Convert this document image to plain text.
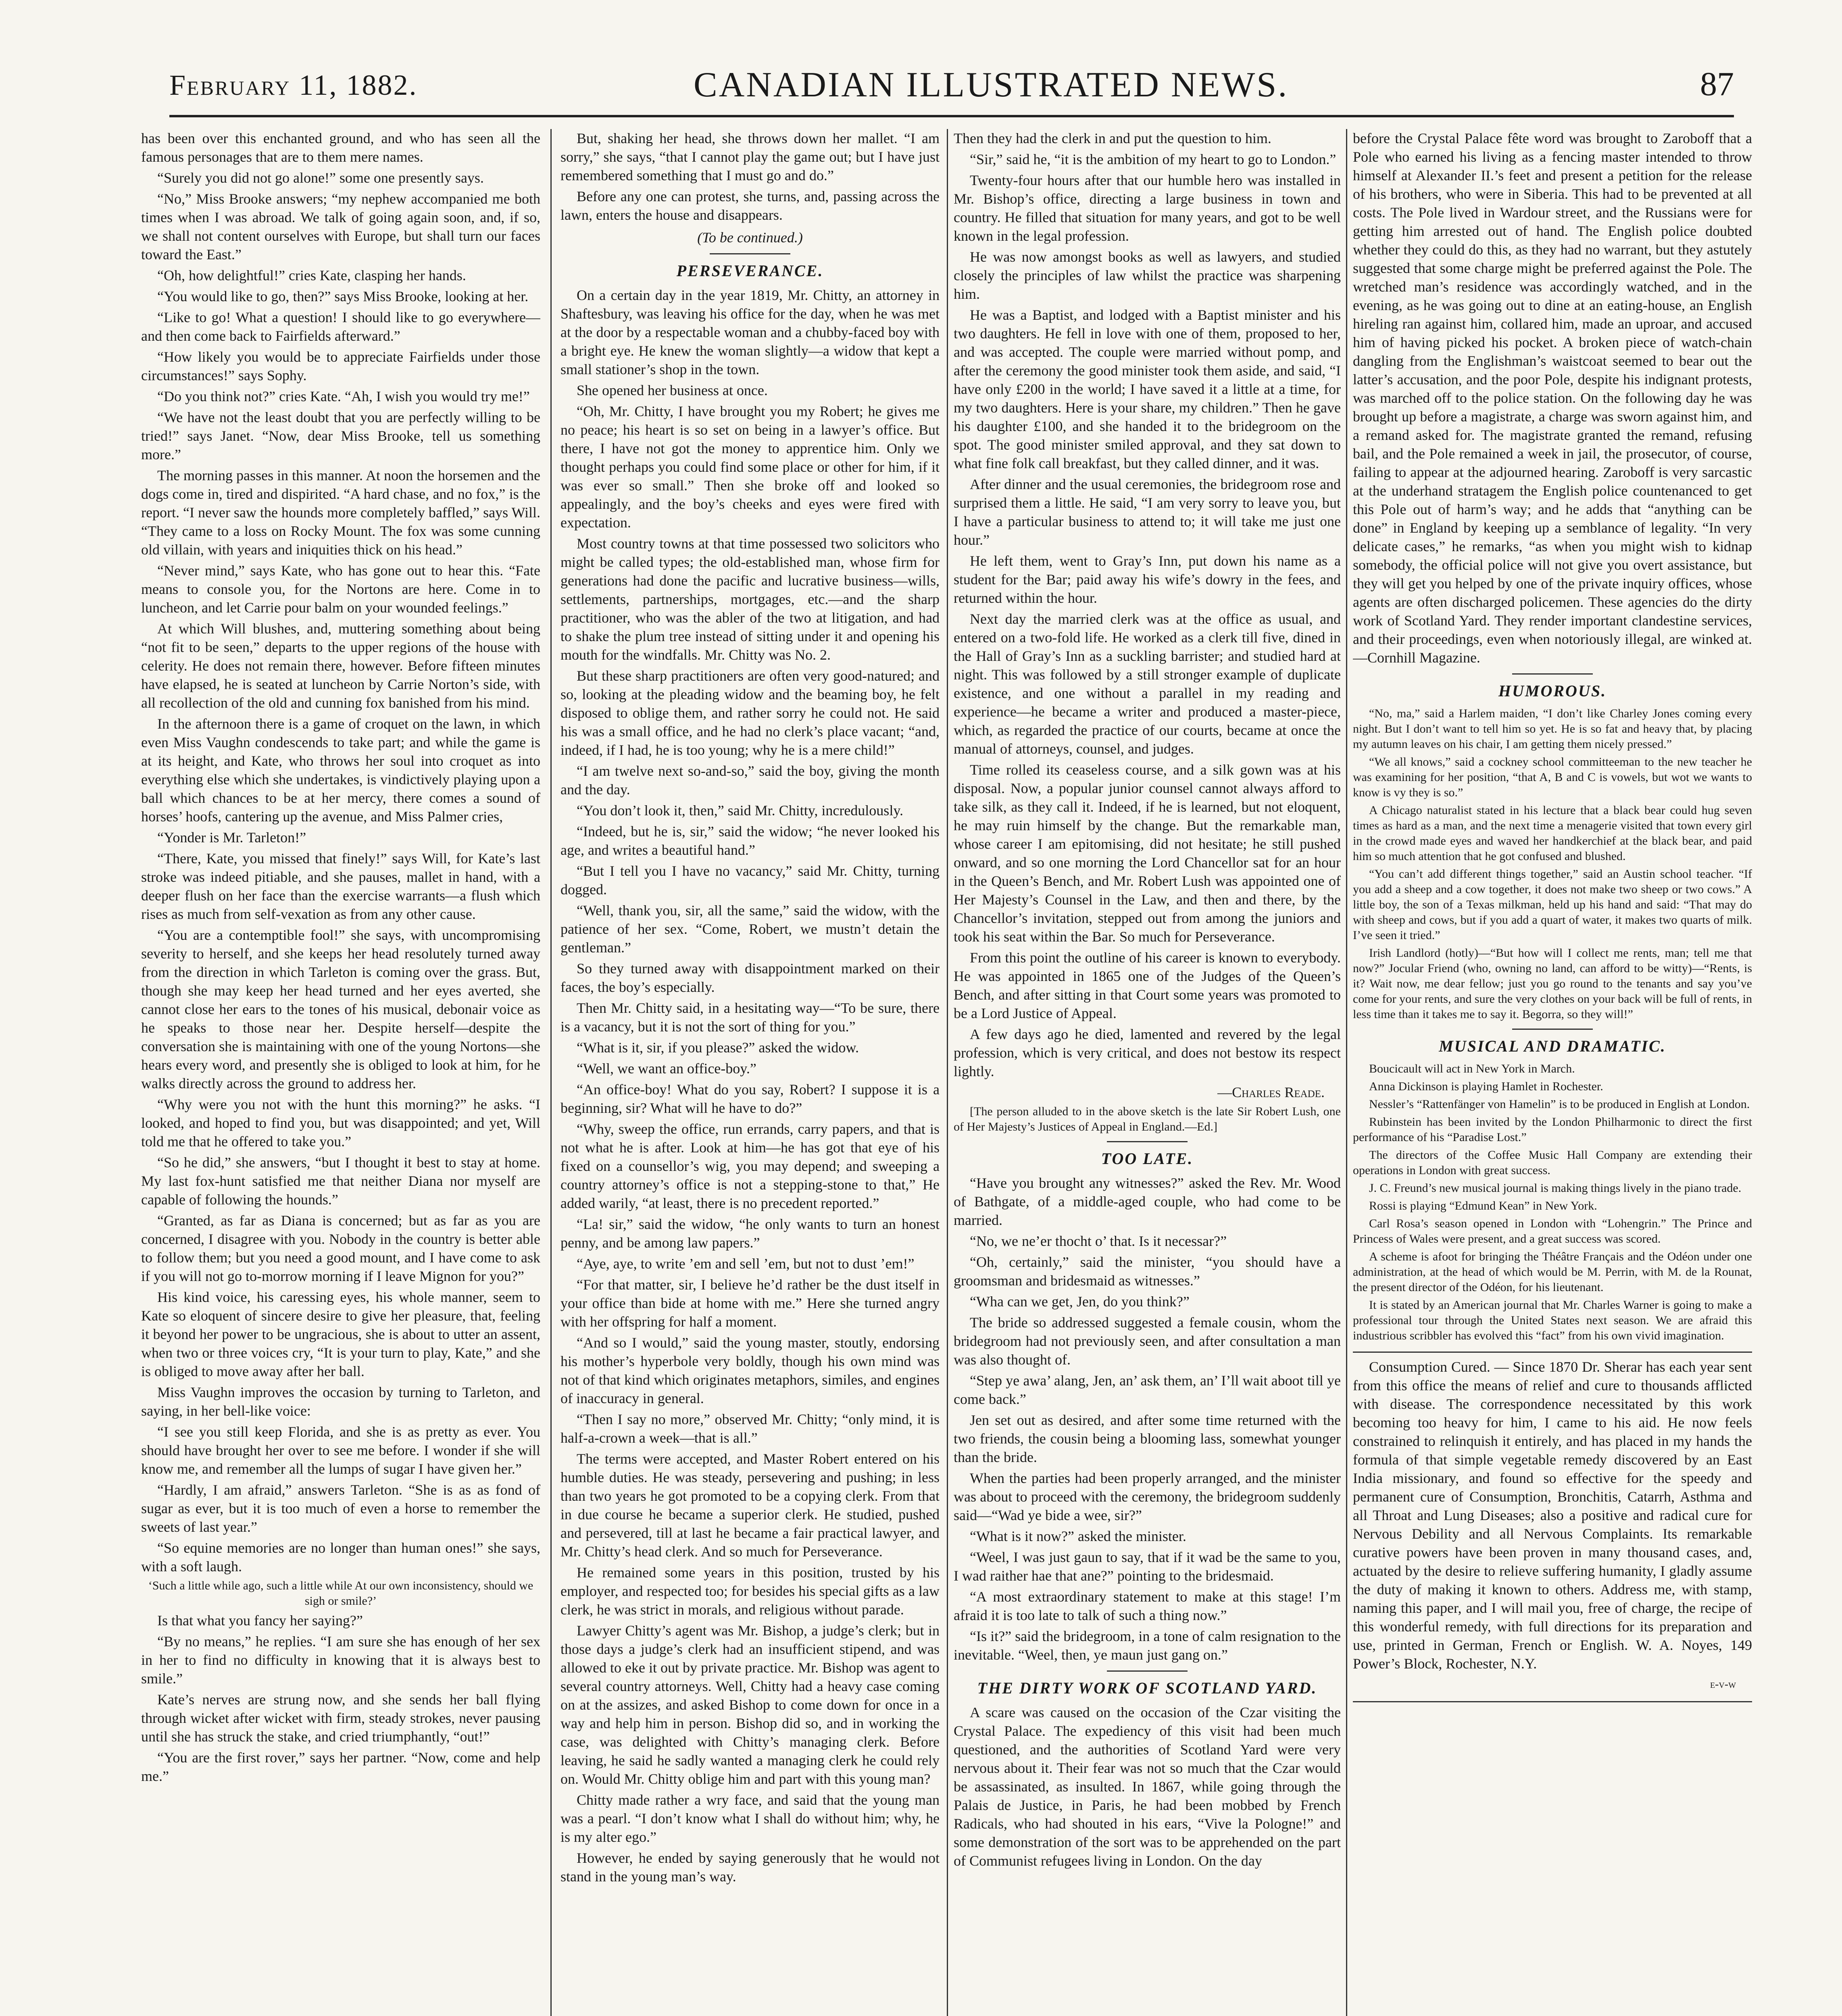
February 11, 1882.	CANADIAN ILLUSTRATED NEWS.	87

has been over this enchanted ground, and who has seen all the famous personages that are to them mere names.

“Surely you did not go alone!” some one presently says.

“No,” Miss Brooke answers; “my nephew accompanied me both times when I was abroad. We talk of going again soon, and, if so, we shall not content ourselves with Europe, but shall turn our faces toward the East.”

“Oh, how delightful!” cries Kate, clasping her hands.

“You would like to go, then?” says Miss Brooke, looking at her.

“Like to go! What a question! I should like to go everywhere—and then come back to Fairfields afterward.”

“How likely you would be to appreciate Fairfields under those circumstances!” says Sophy.

“Do you think not?” cries Kate. “Ah, I wish you would try me!”

“We have not the least doubt that you are perfectly willing to be tried!” says Janet. “Now, dear Miss Brooke, tell us something more.”

The morning passes in this manner. At noon the horsemen and the dogs come in, tired and dispirited. “A hard chase, and no fox,” is the report. “I never saw the hounds more completely baffled,” says Will. “They came to a loss on Rocky Mount. The fox was some cunning old villain, with years and iniquities thick on his head.”

“Never mind,” says Kate, who has gone out to hear this. “Fate means to console you, for the Nortons are here. Come in to luncheon, and let Carrie pour balm on your wounded feelings.”

At which Will blushes, and, muttering something about being “not fit to be seen,” departs to the upper regions of the house with celerity. He does not remain there, however. Before fifteen minutes have elapsed, he is seated at luncheon by Carrie Norton’s side, with all recollection of the old and cunning fox banished from his mind.

In the afternoon there is a game of croquet on the lawn, in which even Miss Vaughn condescends to take part; and while the game is at its height, and Kate, who throws her soul into croquet as into everything else which she undertakes, is vindictively playing upon a ball which chances to be at her mercy, there comes a sound of horses’ hoofs, cantering up the avenue, and Miss Palmer cries,

“Yonder is Mr. Tarleton!”

“There, Kate, you missed that finely!” says Will, for Kate’s last stroke was indeed pitiable, and she pauses, mallet in hand, with a deeper flush on her face than the exercise warrants—a flush which rises as much from self-vexation as from any other cause.

“You are a contemptible fool!” she says, with uncompromising severity to herself, and she keeps her head resolutely turned away from the direction in which Tarleton is coming over the grass. But, though she may keep her head turned and her eyes averted, she cannot close her ears to the tones of his musical, debonair voice as he speaks to those near her. Despite herself—despite the conversation she is maintaining with one of the young Nortons—she hears every word, and presently she is obliged to look at him, for he walks directly across the ground to address her.

“Why were you not with the hunt this morning?” he asks. “I looked, and hoped to find you, but was disappointed; and yet, Will told me that he offered to take you.”

“So he did,” she answers, “but I thought it best to stay at home. My last fox-hunt satisfied me that neither Diana nor myself are capable of following the hounds.”

“Granted, as far as Diana is concerned; but as far as you are concerned, I disagree with you. Nobody in the country is better able to follow them; but you need a good mount, and I have come to ask if you will not go to-morrow morning if I leave Mignon for you?”

His kind voice, his caressing eyes, his whole manner, seem to Kate so eloquent of sincere desire to give her pleasure, that, feeling it beyond her power to be ungracious, she is about to utter an assent, when two or three voices cry, “It is your turn to play, Kate,” and she is obliged to move away after her ball.

Miss Vaughn improves the occasion by turning to Tarleton, and saying, in her bell-like voice:

“I see you still keep Florida, and she is as pretty as ever. You should have brought her over to see me before. I wonder if she will know me, and remember all the lumps of sugar I have given her.”

“Hardly, I am afraid,” answers Tarleton. “She is as as fond of sugar as ever, but it is too much of even a horse to remember the sweets of last year.”

“So equine memories are no longer than human ones!” she says, with a soft laugh.

‘Such a little while ago, such a little while At our own inconsistency, should we sigh or smile?’

Is that what you fancy her saying?”

“By no means,” he replies. “I am sure she has enough of her sex in her to find no difficulty in knowing that it is always best to smile.”

Kate’s nerves are strung now, and she sends her ball flying through wicket after wicket with firm, steady strokes, never pausing until she has struck the stake, and cried triumphantly, “out!”

“You are the first rover,” says her partner. “Now, come and help me.”

But, shaking her head, she throws down her mallet. “I am sorry,” she says, “that I cannot play the game out; but I have just remembered something that I must go and do.”

Before any one can protest, she turns, and, passing across the lawn, enters the house and disappears.

(To be continued.)

PERSEVERANCE.

On a certain day in the year 1819, Mr. Chitty, an attorney in Shaftesbury, was leaving his office for the day, when he was met at the door by a respectable woman and a chubby-faced boy with a bright eye. He knew the woman slightly—a widow that kept a small stationer’s shop in the town.

She opened her business at once.

“Oh, Mr. Chitty, I have brought you my Robert; he gives me no peace; his heart is so set on being in a lawyer’s office. But there, I have not got the money to apprentice him. Only we thought perhaps you could find some place or other for him, if it was ever so small.” Then she broke off and looked so appealingly, and the boy’s cheeks and eyes were fired with expectation.

Most country towns at that time possessed two solicitors who might be called types; the old-established man, whose firm for generations had done the pacific and lucrative business—wills, settlements, partnerships, mortgages, etc.—and the sharp practitioner, who was the abler of the two at litigation, and had to shake the plum tree instead of sitting under it and opening his mouth for the windfalls. Mr. Chitty was No. 2.

But these sharp practitioners are often very good-natured; and so, looking at the pleading widow and the beaming boy, he felt disposed to oblige them, and rather sorry he could not. He said his was a small office, and he had no clerk’s place vacant; “and, indeed, if I had, he is too young; why he is a mere child!”

“I am twelve next so-and-so,” said the boy, giving the month and the day.

“You don’t look it, then,” said Mr. Chitty, incredulously.

“Indeed, but he is, sir,” said the widow; “he never looked his age, and writes a beautiful hand.”

“But I tell you I have no vacancy,” said Mr. Chitty, turning dogged.

“Well, thank you, sir, all the same,” said the widow, with the patience of her sex. “Come, Robert, we mustn’t detain the gentleman.”

So they turned away with disappointment marked on their faces, the boy’s especially.

Then Mr. Chitty said, in a hesitating way—“To be sure, there is a vacancy, but it is not the sort of thing for you.”

“What is it, sir, if you please?” asked the widow.

“Well, we want an office-boy.”

“An office-boy! What do you say, Robert? I suppose it is a beginning, sir? What will he have to do?”

“Why, sweep the office, run errands, carry papers, and that is not what he is after. Look at him—he has got that eye of his fixed on a counsellor’s wig, you may depend; and sweeping a country attorney’s office is not a stepping-stone to that,” He added warily, “at least, there is no precedent reported.”

“La! sir,” said the widow, “he only wants to turn an honest penny, and be among law papers.”

“Aye, aye, to write ’em and sell ’em, but not to dust ’em!”

“For that matter, sir, I believe he’d rather be the dust itself in your office than bide at home with me.” Here she turned angry with her offspring for half a moment.

“And so I would,” said the young master, stoutly, endorsing his mother’s hyperbole very boldly, though his own mind was not of that kind which originates metaphors, similes, and engines of inaccuracy in general.

“Then I say no more,” observed Mr. Chitty; “only mind, it is half-a-crown a week—that is all.”

The terms were accepted, and Master Robert entered on his humble duties. He was steady, persevering and pushing; in less than two years he got promoted to be a copying clerk. From that in due course he became a superior clerk. He studied, pushed and persevered, till at last he became a fair practical lawyer, and Mr. Chitty’s head clerk. And so much for Perseverance.

He remained some years in this position, trusted by his employer, and respected too; for besides his special gifts as a law clerk, he was strict in morals, and religious without parade.

Lawyer Chitty’s agent was Mr. Bishop, a judge’s clerk; but in those days a judge’s clerk had an insufficient stipend, and was allowed to eke it out by private practice. Mr. Bishop was agent to several country attorneys. Well, Chitty had a heavy case coming on at the assizes, and asked Bishop to come down for once in a way and help him in person. Bishop did so, and in working the case, was delighted with Chitty’s managing clerk. Before leaving, he said he sadly wanted a managing clerk he could rely on. Would Mr. Chitty oblige him and part with this young man?

Chitty made rather a wry face, and said that the young man was a pearl. “I don’t know what I shall do without him; why, he is my alter ego.”

However, he ended by saying generously that he would not stand in the young man’s way.

Then they had the clerk in and put the question to him.

“Sir,” said he, “it is the ambition of my heart to go to London.”

Twenty-four hours after that our humble hero was installed in Mr. Bishop’s office, directing a large business in town and country. He filled that situation for many years, and got to be well known in the legal profession.

He was now amongst books as well as lawyers, and studied closely the principles of law whilst the practice was sharpening him.

He was a Baptist, and lodged with a Baptist minister and his two daughters. He fell in love with one of them, proposed to her, and was accepted. The couple were married without pomp, and after the ceremony the good minister took them aside, and said, “I have only £200 in the world; I have saved it a little at a time, for my two daughters. Here is your share, my children.” Then he gave his daughter £100, and she handed it to the bridegroom on the spot. The good minister smiled approval, and they sat down to what fine folk call breakfast, but they called dinner, and it was.

After dinner and the usual ceremonies, the bridegroom rose and surprised them a little. He said, “I am very sorry to leave you, but I have a particular business to attend to; it will take me just one hour.”

He left them, went to Gray’s Inn, put down his name as a student for the Bar; paid away his wife’s dowry in the fees, and returned within the hour.

Next day the married clerk was at the office as usual, and entered on a two-fold life. He worked as a clerk till five, dined in the Hall of Gray’s Inn as a suckling barrister; and studied hard at night. This was followed by a still stronger example of duplicate existence, and one without a parallel in my reading and experience—he became a writer and produced a master-piece, which, as regarded the practice of our courts, became at once the manual of attorneys, counsel, and judges.

Time rolled its ceaseless course, and a silk gown was at his disposal. Now, a popular junior counsel cannot always afford to take silk, as they call it. Indeed, if he is learned, but not eloquent, he may ruin himself by the change. But the remarkable man, whose career I am epitomising, did not hesitate; he still pushed onward, and so one morning the Lord Chancellor sat for an hour in the Queen’s Bench, and Mr. Robert Lush was appointed one of Her Majesty’s Counsel in the Law, and then and there, by the Chancellor’s invitation, stepped out from among the juniors and took his seat within the Bar. So much for Perseverance.

From this point the outline of his career is known to everybody. He was appointed in 1865 one of the Judges of the Queen’s Bench, and after sitting in that Court some years was promoted to be a Lord Justice of Appeal.

A few days ago he died, lamented and revered by the legal profession, which is very critical, and does not bestow its respect lightly.

—Charles Reade.

[The person alluded to in the above sketch is the late Sir Robert Lush, one of Her Majesty’s Justices of Appeal in England.—Ed.]

TOO LATE.

“Have you brought any witnesses?” asked the Rev. Mr. Wood of Bathgate, of a middle-aged couple, who had come to be married.

“No, we ne’er thocht o’ that. Is it necessar?”

“Oh, certainly,” said the minister, “you should have a groomsman and bridesmaid as witnesses.”

“Wha can we get, Jen, do you think?”

The bride so addressed suggested a female cousin, whom the bridegroom had not previously seen, and after consultation a man was also thought of.

“Step ye awa’ alang, Jen, an’ ask them, an’ I’ll wait aboot till ye come back.”

Jen set out as desired, and after some time returned with the two friends, the cousin being a blooming lass, somewhat younger than the bride.

When the parties had been properly arranged, and the minister was about to proceed with the ceremony, the bridegroom suddenly said—“Wad ye bide a wee, sir?”

“What is it now?” asked the minister.

“Weel, I was just gaun to say, that if it wad be the same to you, I wad raither hae that ane?” pointing to the bridesmaid.

“A most extraordinary statement to make at this stage! I’m afraid it is too late to talk of such a thing now.”

“Is it?” said the bridegroom, in a tone of calm resignation to the inevitable. “Weel, then, ye maun just gang on.”

THE DIRTY WORK OF SCOTLAND YARD.

A scare was caused on the occasion of the Czar visiting the Crystal Palace. The expediency of this visit had been much questioned, and the authorities of Scotland Yard were very nervous about it. Their fear was not so much that the Czar would be assassinated, as insulted. In 1867, while going through the Palais de Justice, in Paris, he had been mobbed by French Radicals, who had shouted in his ears, “Vive la Pologne!” and some demonstration of the sort was to be apprehended on the part of Communist refugees living in London. On the day

before the Crystal Palace fête word was brought to Zaroboff that a Pole who earned his living as a fencing master intended to throw himself at Alexander II.’s feet and present a petition for the release of his brothers, who were in Siberia. This had to be prevented at all costs. The Pole lived in Wardour street, and the Russians were for getting him arrested out of hand. The English police doubted whether they could do this, as they had no warrant, but they astutely suggested that some charge might be preferred against the Pole. The wretched man’s residence was accordingly watched, and in the evening, as he was going out to dine at an eating-house, an English hireling ran against him, collared him, made an uproar, and accused him of having picked his pocket. A broken piece of watch-chain dangling from the Englishman’s waistcoat seemed to bear out the latter’s accusation, and the poor Pole, despite his indignant protests, was marched off to the police station. On the following day he was brought up before a magistrate, a charge was sworn against him, and a remand asked for. The magistrate granted the remand, refusing bail, and the Pole remained a week in jail, the prosecutor, of course, failing to appear at the adjourned hearing. Zaroboff is very sarcastic at the underhand stratagem the English police countenanced to get this Pole out of harm’s way; and he adds that “anything can be done” in England by keeping up a semblance of legality. “In very delicate cases,” he remarks, “as when you might wish to kidnap somebody, the official police will not give you overt assistance, but they will get you helped by one of the private inquiry offices, whose agents are often discharged policemen. These agencies do the dirty work of Scotland Yard. They render important clandestine services, and their proceedings, even when notoriously illegal, are winked at.—Cornhill Magazine.

HUMOROUS.

“No, ma,” said a Harlem maiden, “I don’t like Charley Jones coming every night. But I don’t want to tell him so yet. He is so fat and heavy that, by placing my autumn leaves on his chair, I am getting them nicely pressed.”

“We all knows,” said a cockney school committeeman to the new teacher he was examining for her position, “that A, B and C is vowels, but wot we wants to know is vy they is so.”

A Chicago naturalist stated in his lecture that a black bear could hug seven times as hard as a man, and the next time a menagerie visited that town every girl in the crowd made eyes and waved her handkerchief at the black bear, and paid him so much attention that he got confused and blushed.

“You can’t add different things together,” said an Austin school teacher. “If you add a sheep and a cow together, it does not make two sheep or two cows.” A little boy, the son of a Texas milkman, held up his hand and said: “That may do with sheep and cows, but if you add a quart of water, it makes two quarts of milk. I’ve seen it tried.”

Irish Landlord (hotly)—“But how will I collect me rents, man; tell me that now?” Jocular Friend (who, owning no land, can afford to be witty)—“Rents, is it? Wait now, me dear fellow; just you go round to the tenants and say you’ve come for your rents, and sure the very clothes on your back will be full of rents, in less time than it takes me to say it. Begorra, so they will!”

MUSICAL AND DRAMATIC.

Boucicault will act in New York in March.

Anna Dickinson is playing Hamlet in Rochester.

Nessler’s “Rattenfänger von Hamelin” is to be produced in English at London.

Rubinstein has been invited by the London Philharmonic to direct the first performance of his “Paradise Lost.”

The directors of the Coffee Music Hall Company are extending their operations in London with great success.

J. C. Freund’s new musical journal is making things lively in the piano trade.

Rossi is playing “Edmund Kean” in New York.

Carl Rosa’s season opened in London with “Lohengrin.” The Prince and Princess of Wales were present, and a great success was scored.

A scheme is afoot for bringing the Théâtre Français and the Odéon under one administration, at the head of which would be M. Perrin, with M. de la Rounat, the present director of the Odéon, for his lieutenant.

It is stated by an American journal that Mr. Charles Warner is going to make a professional tour through the United States next season. We are afraid this industrious scribbler has evolved this “fact” from his own vivid imagination.

Consumption Cured. — Since 1870 Dr. Sherar has each year sent from this office the means of relief and cure to thousands afflicted with disease. The correspondence necessitated by this work becoming too heavy for him, I came to his aid. He now feels constrained to relinquish it entirely, and has placed in my hands the formula of that simple vegetable remedy discovered by an East India missionary, and found so effective for the speedy and permanent cure of Consumption, Bronchitis, Catarrh, Asthma and all Throat and Lung Diseases; also a positive and radical cure for Nervous Debility and all Nervous Complaints. Its remarkable curative powers have been proven in many thousand cases, and, actuated by the desire to relieve suffering humanity, I gladly assume the duty of making it known to others. Address me, with stamp, naming this paper, and I will mail you, free of charge, the recipe of this wonderful remedy, with full directions for its preparation and use, printed in German, French or English. W. A. Noyes, 149 Power’s Block, Rochester, N.Y.

e-v-w
